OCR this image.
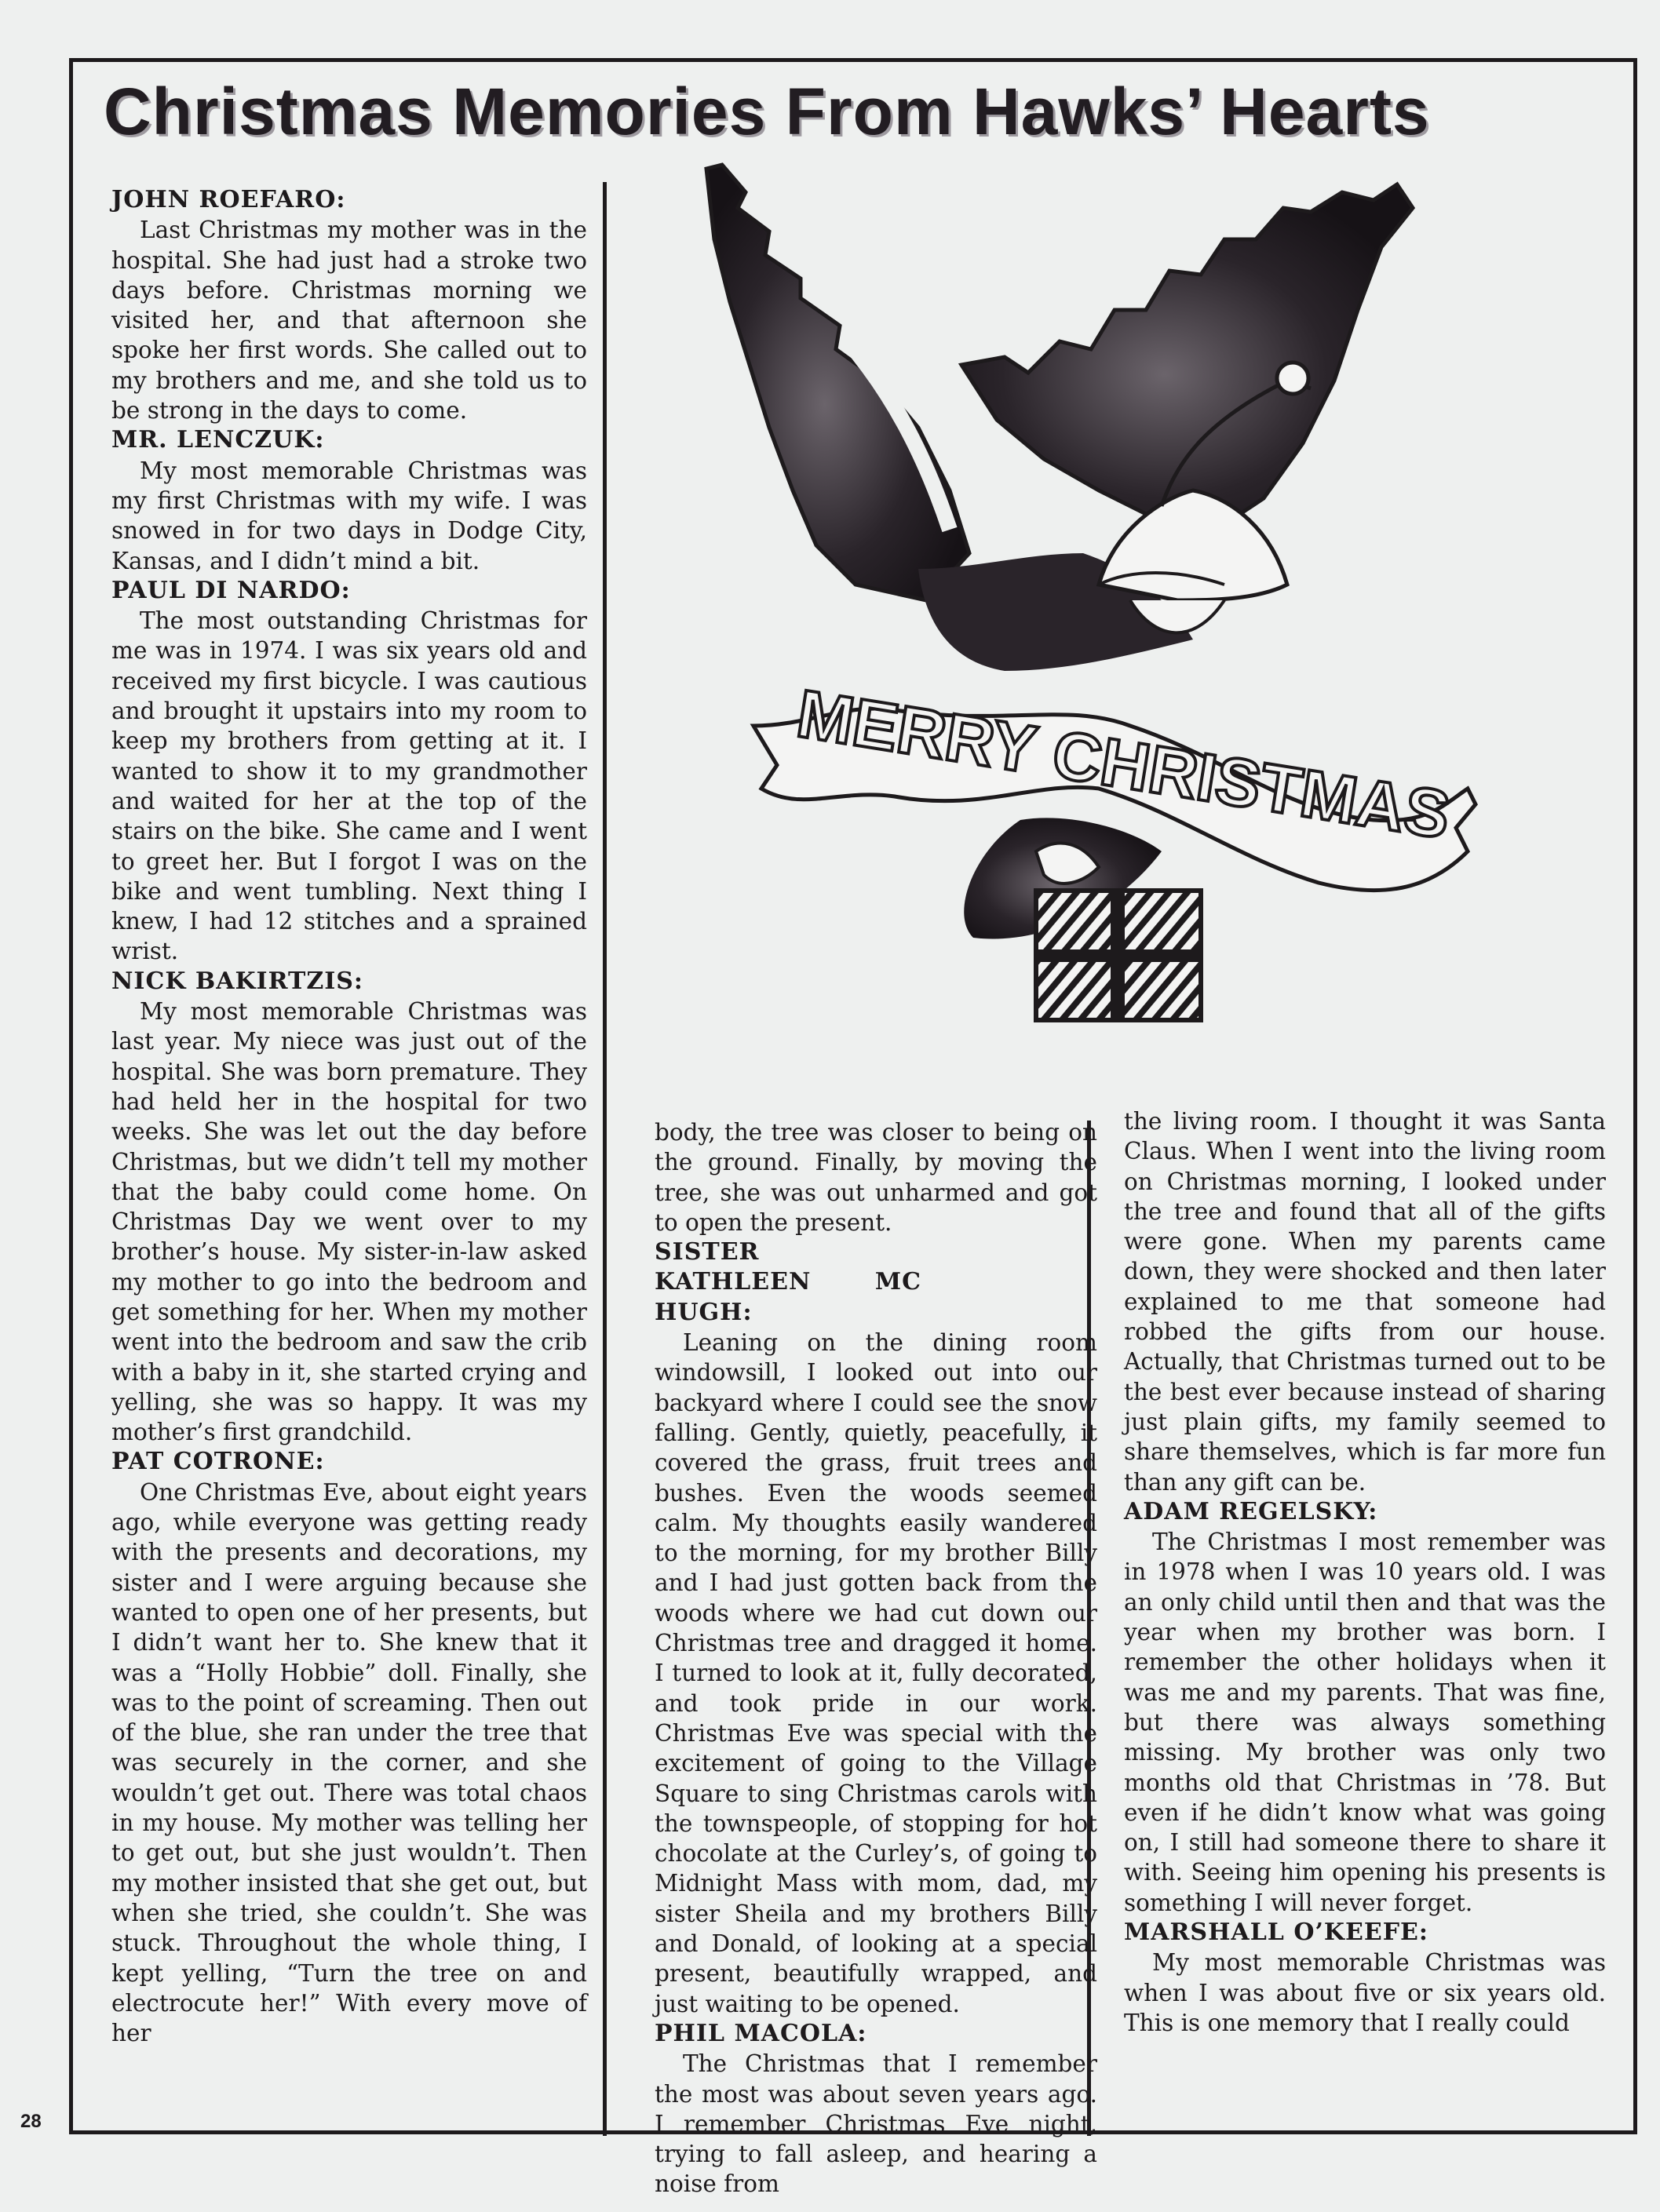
Christmas Memories From Hawks’ Hearts
JOHN ROEFARO:

Last Christmas my mother was in the hospital. She had just had a stroke two days before. Christmas morning we visited her, and that afternoon she spoke her first words. She called out to my brothers and me, and she told us to be strong in the days to come.

MR. LENCZUK:

My most memorable Christmas was my first Christmas with my wife. I was snowed in for two days in Dodge City, Kansas, and I didn’t mind a bit.

PAUL DI NARDO:

The most outstanding Christmas for me was in 1974. I was six years old and received my first bicycle. I was cautious and brought it upstairs into my room to keep my brothers from getting at it. I wanted to show it to my grandmother and waited for her at the top of the stairs on the bike. She came and I went to greet her. But I forgot I was on the bike and went tumbling. Next thing I knew, I had 12 stitches and a sprained wrist.

NICK BAKIRTZIS:

My most memorable Christmas was last year. My niece was just out of the hospital. She was born premature. They had held her in the hospital for two weeks. She was let out the day before Christmas, but we didn’t tell my mother that the baby could come home. On Christmas Day we went over to my brother’s house. My sister-in-law asked my mother to go into the bedroom and get something for her. When my mother went into the bedroom and saw the crib with a baby in it, she started crying and yelling, she was so happy. It was my mother’s first grandchild.

PAT COTRONE:

One Christmas Eve, about eight years ago, while everyone was getting ready with the presents and decorations, my sister and I were arguing because she wanted to open one of her presents, but I didn’t want her to. She knew that it was a “Holly Hobbie” doll. Finally, she was to the point of screaming. Then out of the blue, she ran under the tree that was securely in the corner, and she wouldn’t get out. There was total chaos in my house. My mother was telling her to get out, but she just wouldn’t. Then my mother insisted that she get out, but when she tried, she couldn’t. She was stuck. Throughout the whole thing, I kept yelling, “Turn the tree on and electrocute her!” With every move of her

body, the tree was closer to being on the ground. Finally, by moving the tree, she was out unharmed and got to open the present.

SISTER KATHLEEN MC HUGH:

Leaning on the dining room windowsill, I looked out into our backyard where I could see the snow falling. Gently, quietly, peacefully, it covered the grass, fruit trees and bushes. Even the woods seemed calm. My thoughts easily wandered to the morning, for my brother Billy and I had just gotten back from the woods where we had cut down our Christmas tree and dragged it home. I turned to look at it, fully decorated, and took pride in our work. Christmas Eve was special with the excitement of going to the Village Square to sing Christmas carols with the townspeople, of stopping for hot chocolate at the Curley’s, of going to Midnight Mass with mom, dad, my sister Sheila and my brothers Billy and Donald, of looking at a special present, beautifully wrapped, and just waiting to be opened.

PHIL MACOLA:

The Christmas that I remember the most was about seven years ago. I remember Christmas Eve night, trying to fall asleep, and hearing a noise from

the living room. I thought it was Santa Claus. When I went into the living room on Christmas morning, I looked under the tree and found that all of the gifts were gone. When my parents came down, they were shocked and then later explained to me that someone had robbed the gifts from our house. Actually, that Christmas turned out to be the best ever because instead of sharing just plain gifts, my family seemed to share themselves, which is far more fun than any gift can be.

ADAM REGELSKY:

The Christmas I most remember was in 1978 when I was 10 years old. I was an only child until then and that was the year when my brother was born. I remember the other holidays when it was me and my parents. That was fine, but there was always something missing. My brother was only two months old that Christmas in ’78. But even if he didn’t know what was going on, I still had someone there to share it with. Seeing him opening his presents is something I will never forget.

MARSHALL O’KEEFE:

My most memorable Christmas was when I was about five or six years old. This is one memory that I really could

MERRY CHRISTMAS
28
